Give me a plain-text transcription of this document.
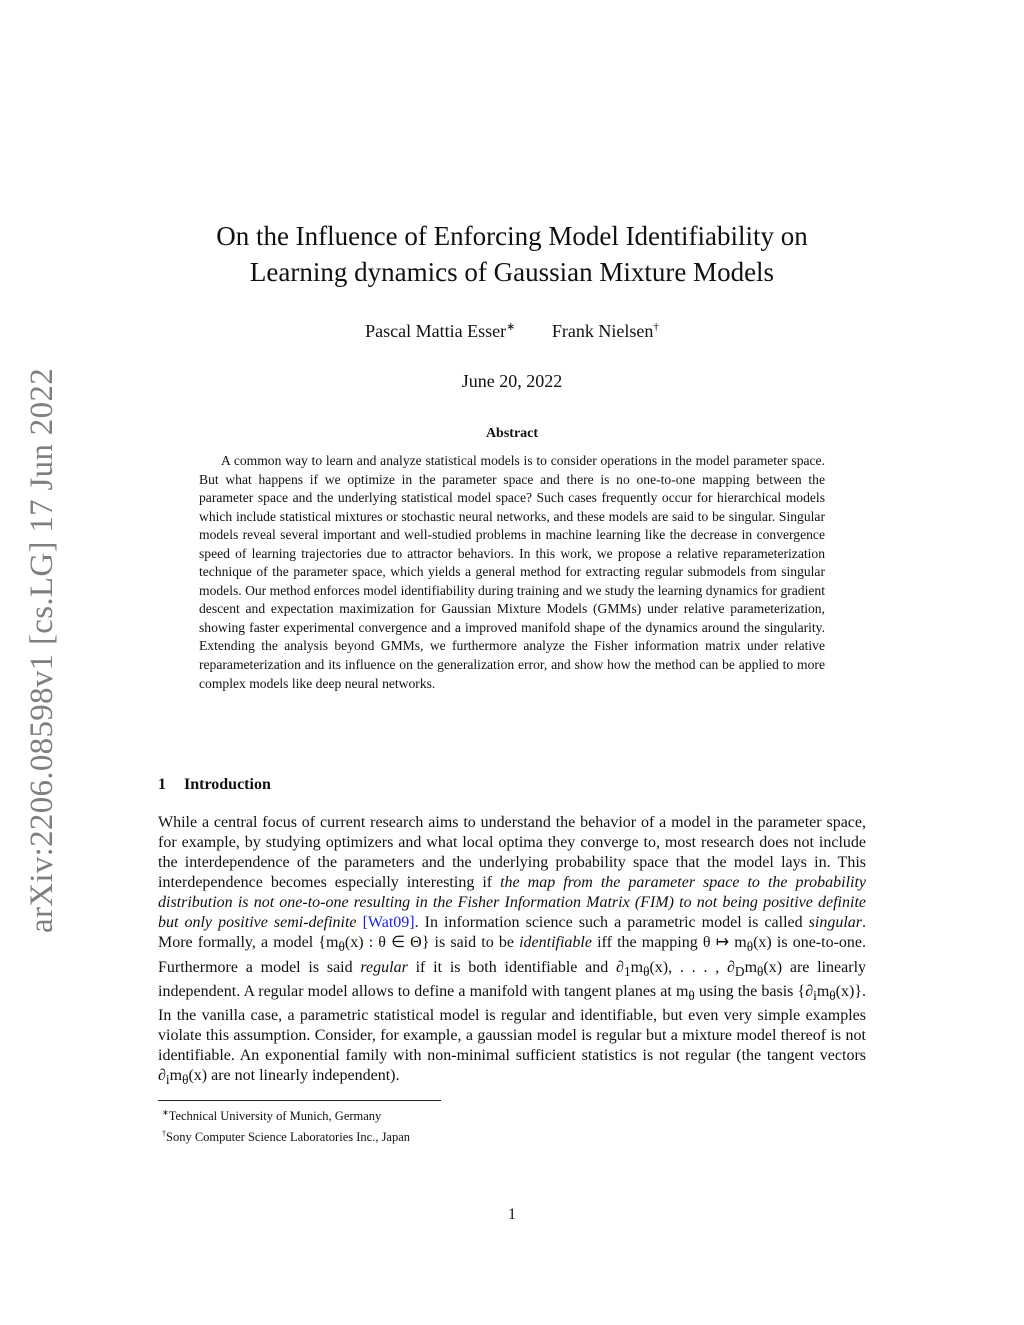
arXiv:2206.08598v1 [cs.LG] 17 Jun 2022
On the Influence of Enforcing Model Identifiability on
Learning dynamics of Gaussian Mixture Models
Pascal Mattia Esser∗ Frank Nielsen†
June 20, 2022
Abstract

A common way to learn and analyze statistical models is to consider operations in the model parameter space. But what happens if we optimize in the parameter space and there is no one-to-one mapping between the parameter space and the underlying statistical model space? Such cases frequently occur for hierarchical models which include statistical mixtures or stochastic neural networks, and these models are said to be singular. Singular models reveal several important and well-studied problems in machine learning like the decrease in convergence speed of learning trajectories due to attractor behaviors. In this work, we propose a relative reparameterization technique of the parameter space, which yields a general method for extracting regular submodels from singular models. Our method enforces model identifiability during training and we study the learning dynamics for gradient descent and expectation maximization for Gaussian Mixture Models (GMMs) under relative parameterization, showing faster experimental convergence and a improved manifold shape of the dynamics around the singularity. Extending the analysis beyond GMMs, we furthermore analyze the Fisher information matrix under relative reparameterization and its influence on the generalization error, and show how the method can be applied to more complex models like deep neural networks.

1 Introduction

While a central focus of current research aims to understand the behavior of a model in the parameter space, for example, by studying optimizers and what local optima they converge to, most research does not include the interdependence of the parameters and the underlying probability space that the model lays in. This interdependence becomes especially interesting if the map from the parameter space to the probability distribution is not one-to-one resulting in the Fisher Information Matrix (FIM) to not being positive definite but only positive semi-definite [Wat09]. In information science such a parametric model is called singular. More formally, a model {$m_\theta(x)$ : θ ∈ Θ} is said to be identifiable iff the mapping θ ↦ $m_\theta(x)$ is one-to-one. Furthermore a model is said regular if it is both identifiable and $\partial_1m_\theta(x)$, . . . , $\partial_Dm_\theta(x)$ are linearly independent. A regular model allows to define a manifold with tangent planes at $m_\theta$ using the basis $\{\partial_im_\theta(x)\}$. In the vanilla case, a parametric statistical model is regular and identifiable, but even very simple examples violate this assumption. Consider, for example, a gaussian model is regular but a mixture model thereof is not identifiable. An exponential family with non-minimal sufficient statistics is not regular (the tangent vectors $\partial_im_\theta(x)$ are not linearly independent).

∗Technical University of Munich, Germany
†Sony Computer Science Laboratories Inc., Japan
1
